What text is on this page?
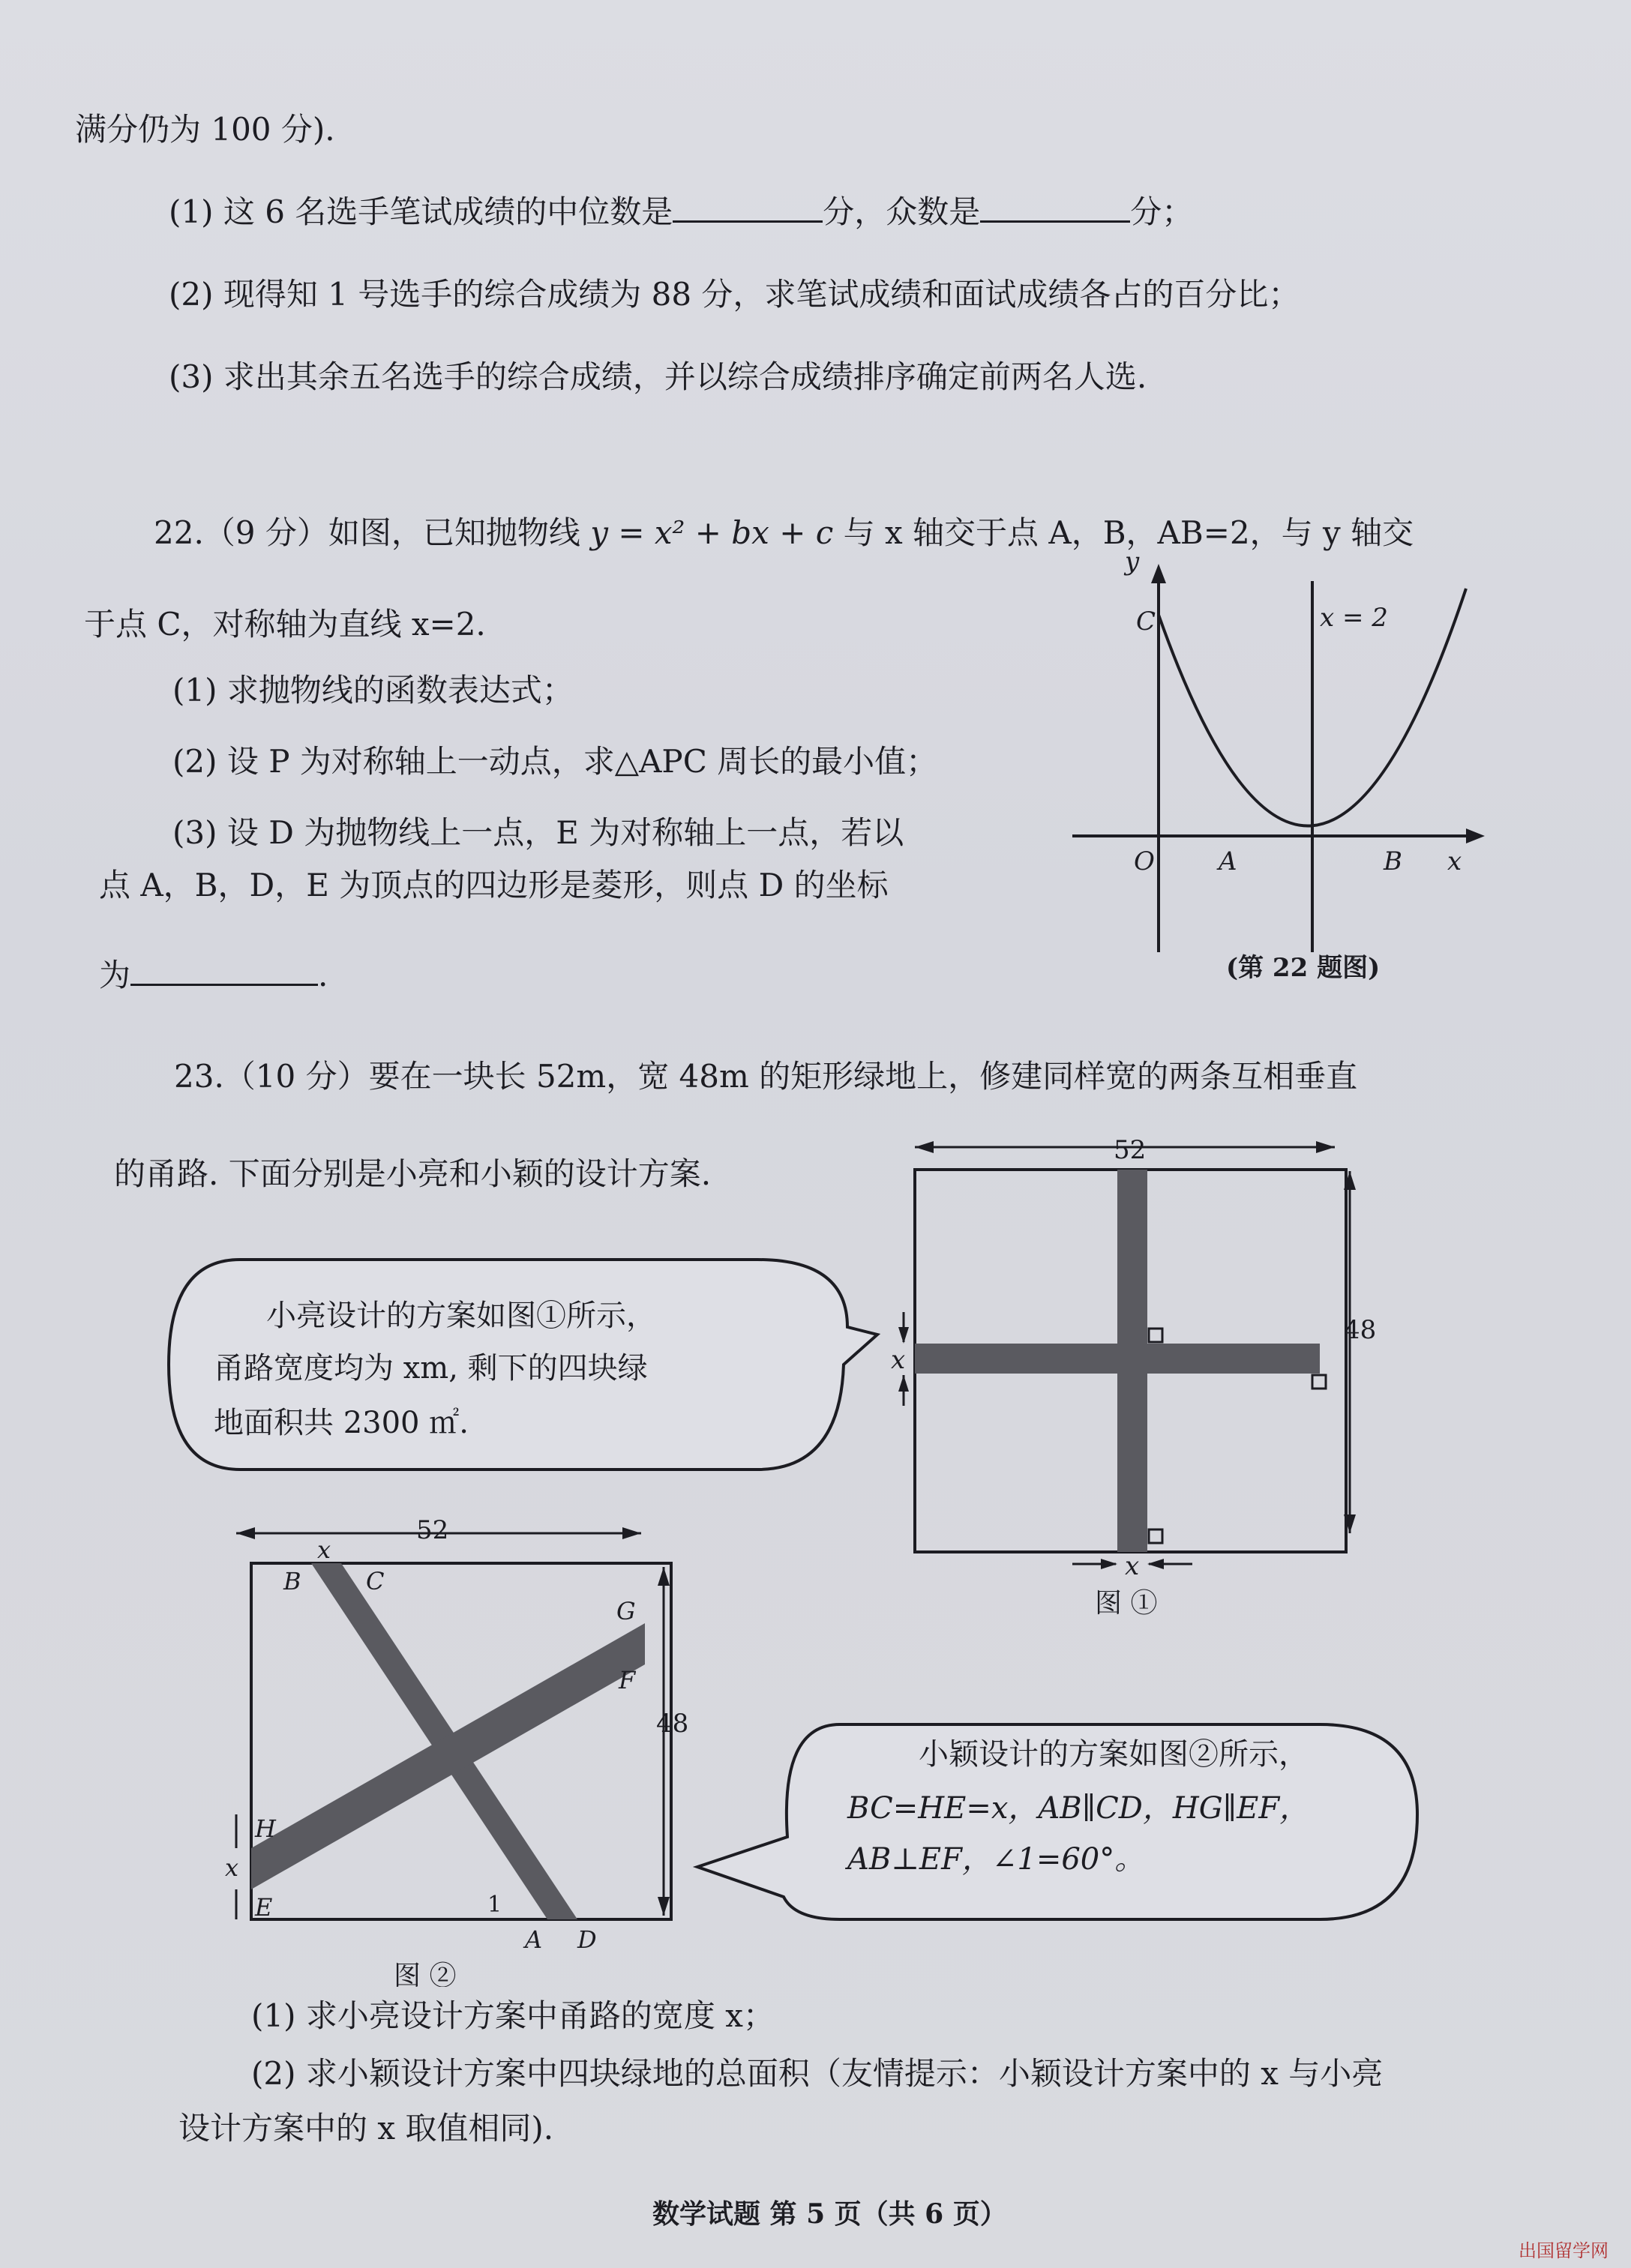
满分仍为 100 分).
(1) 这 6 名选手笔试成绩的中位数是	分，众数是	分；
(2) 现得知 1 号选手的综合成绩为 88 分，求笔试成绩和面试成绩各占的百分比；
(3) 求出其余五名选手的综合成绩，并以综合成绩排序确定前两名人选.
22.（9 分）如图，已知抛物线 y = x² + bx + c 与 x 轴交于点 A，B，AB=2，与 y 轴交
于点 C，对称轴为直线 x=2.
(1) 求抛物线的函数表达式；
(2) 设 P 为对称轴上一动点，求△APC 周长的最小值；
(3) 设 D 为抛物线上一点，E 为对称轴上一点，若以
点 A，B，D，E 为顶点的四边形是菱形，则点 D 的坐标
为	.
y
C	x = 2
O	A	B x
(第 22 题图)
23.（10 分）要在一块长 52m，宽 48m 的矩形绿地上，修建同样宽的两条互相垂直
的甬路. 下面分别是小亮和小颖的设计方案.
小亮设计的方案如图①所示，
甬路宽度均为 xm, 剩下的四块绿
地面积共 2300 ㎡.
52
48
x
x
图 ①
52
x
48
x
B	C
G
F
H
E
A D
1
图 ②
小颖设计的方案如图②所示，
BC=HE=x，AB∥CD，HG∥EF，
AB⊥EF，∠1=60°。
(1) 求小亮设计方案中甬路的宽度 x；
(2) 求小颖设计方案中四块绿地的总面积（友情提示：小颖设计方案中的 x 与小亮
设计方案中的 x 取值相同).
数学试题 第 5 页（共 6 页）
出国留学网
